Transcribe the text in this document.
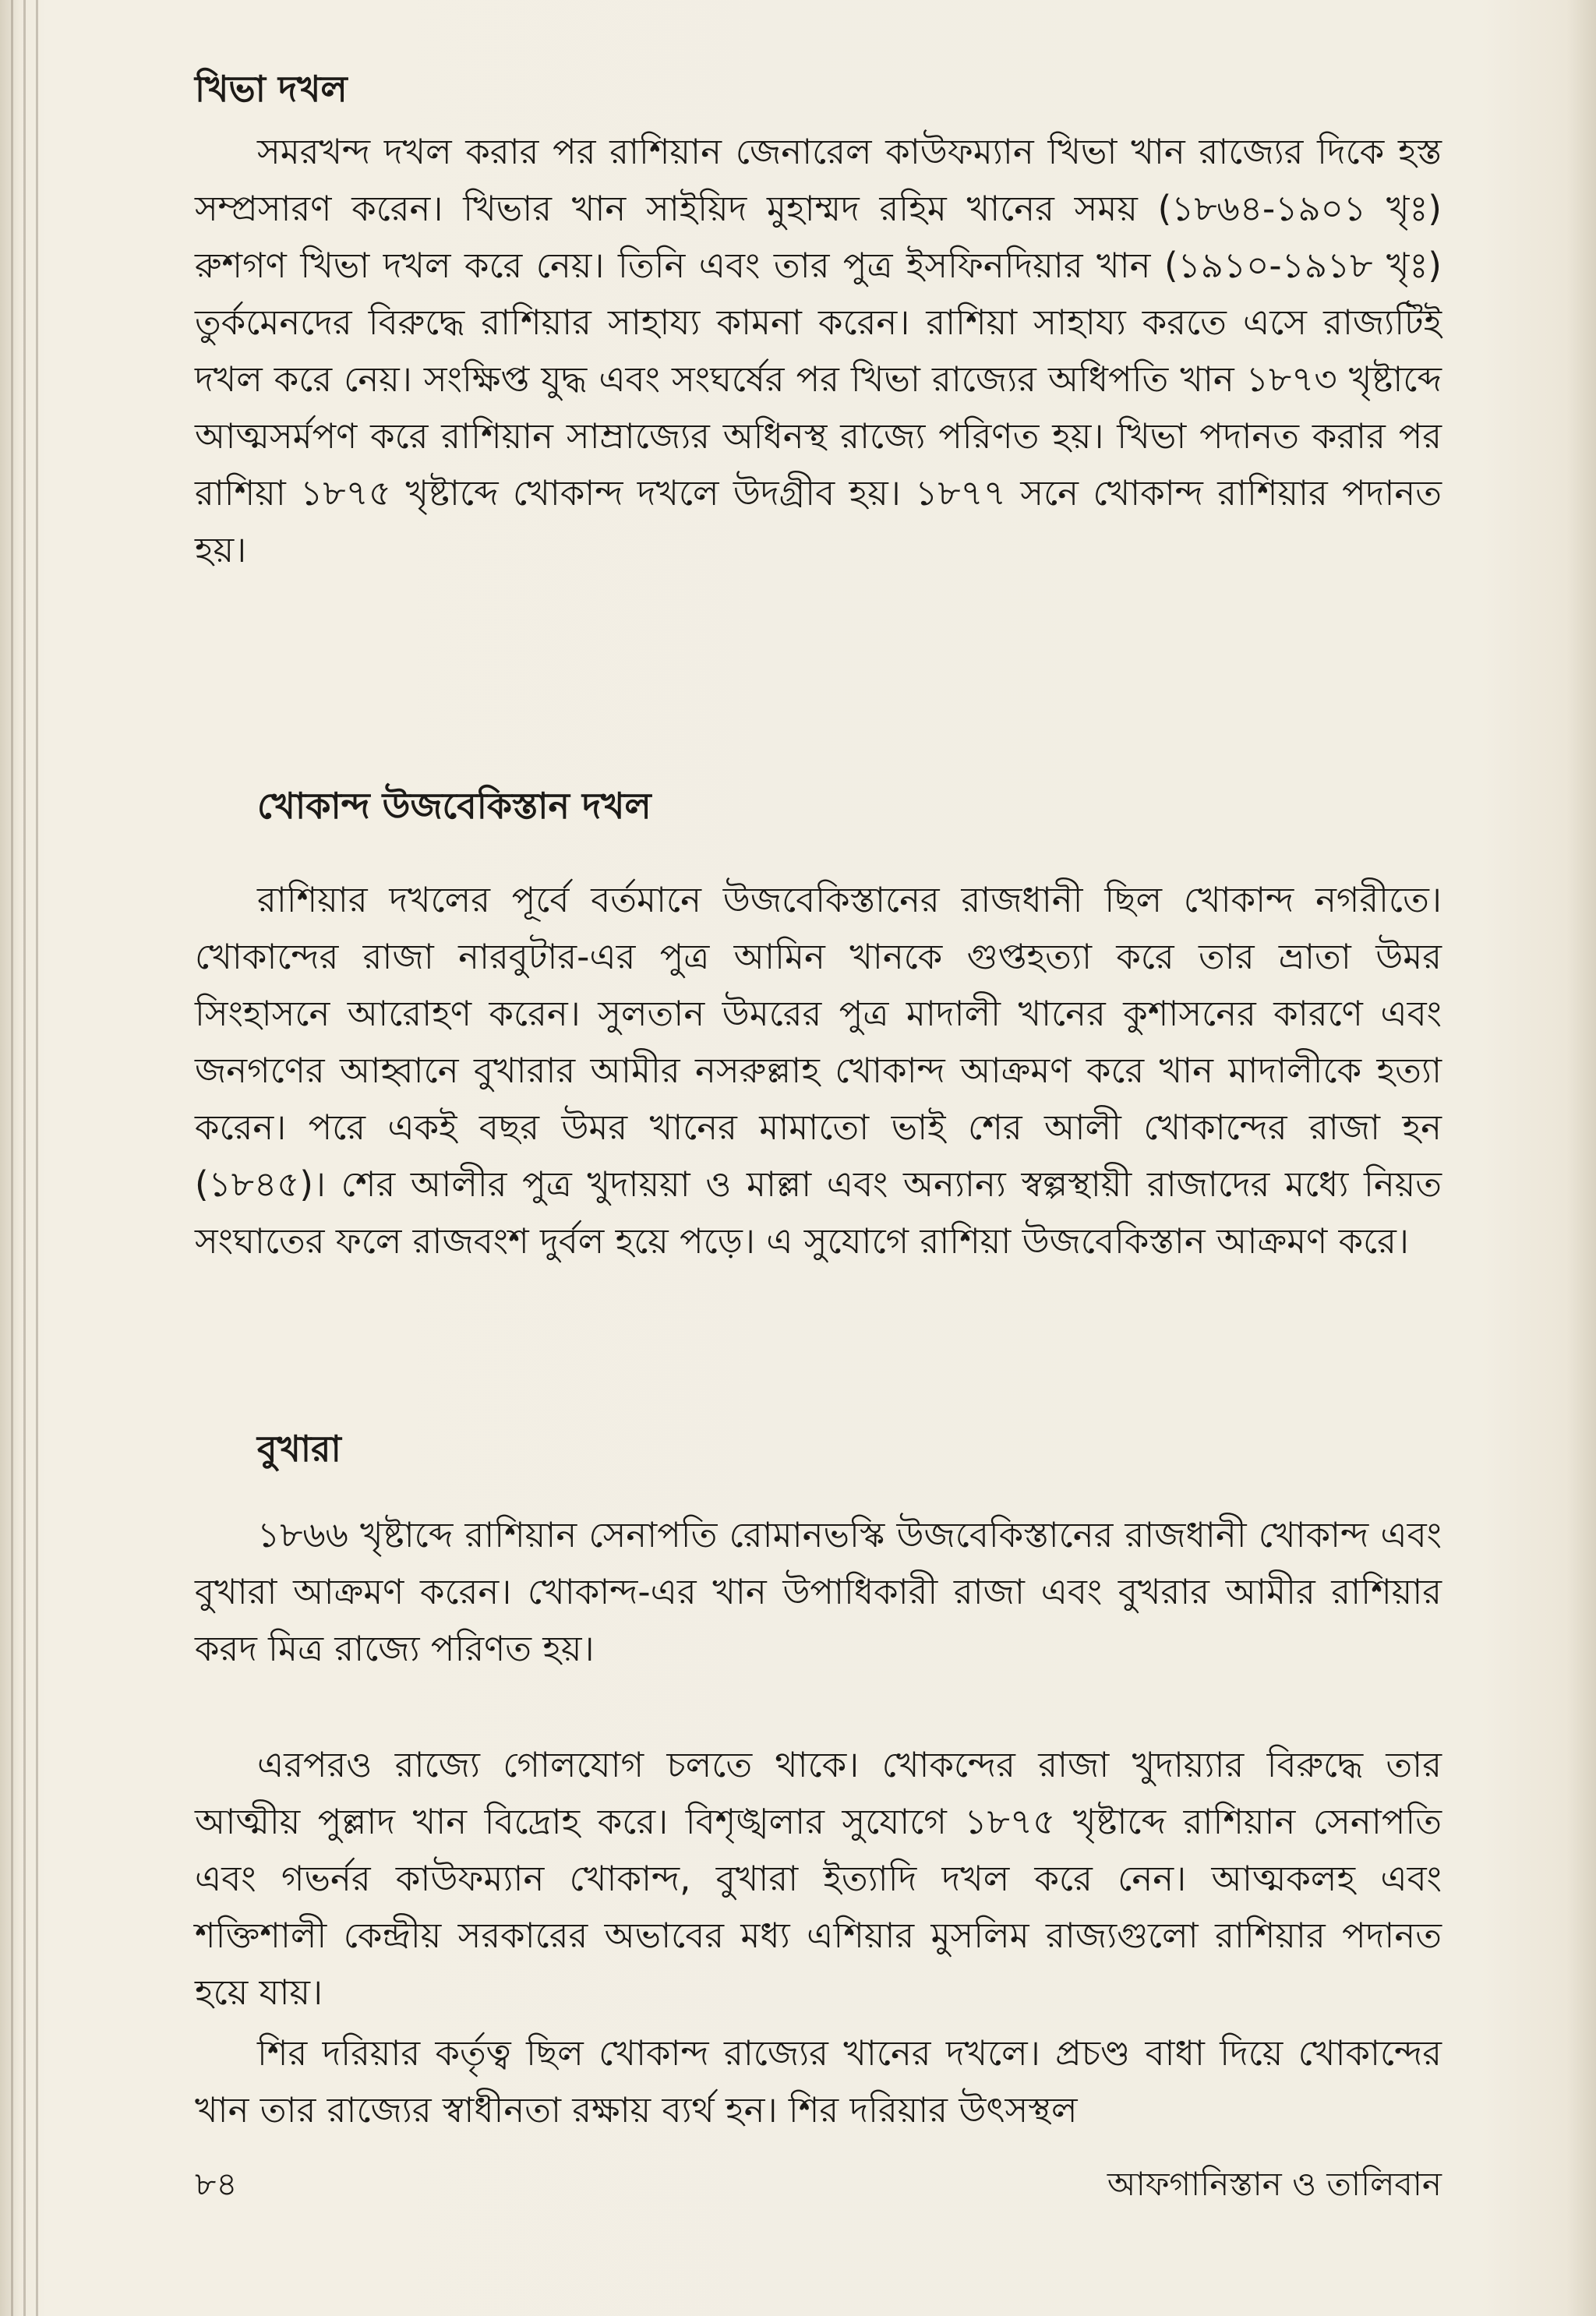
খিভা দখল

সমরখন্দ দখল করার পর রাশিয়ান জেনারেল কাউফম্যান খিভা খান রাজ্যের দিকে হস্ত সম্প্রসারণ করেন। খিভার খান সাইয়িদ মুহাম্মদ রহিম খানের সময় (১৮৬৪-১৯০১ খৃঃ) রুশগণ খিভা দখল করে নেয়। তিনি এবং তার পুত্র ইসফিনদিয়ার খান (১৯১০-১৯১৮ খৃঃ) তুর্কমেনদের বিরুদ্ধে রাশিয়ার সাহায্য কামনা করেন। রাশিয়া সাহায্য করতে এসে রাজ্যটিই দখল করে নেয়। সংক্ষিপ্ত যুদ্ধ এবং সংঘর্ষের পর খিভা রাজ্যের অধিপতি খান ১৮৭৩ খৃষ্টাব্দে আত্মসর্মপণ করে রাশিয়ান সাম্রাজ্যের অধিনস্থ রাজ্যে পরিণত হয়। খিভা পদানত করার পর রাশিয়া ১৮৭৫ খৃষ্টাব্দে খোকান্দ দখলে উদগ্রীব হয়। ১৮৭৭ সনে খোকান্দ রাশিয়ার পদানত হয়।

খোকান্দ উজবেকিস্তান দখল

রাশিয়ার দখলের পূর্বে বর্তমানে উজবেকিস্তানের রাজধানী ছিল খোকান্দ নগরীতে। খোকান্দের রাজা নারবুটার-এর পুত্র আমিন খানকে গুপ্তহত্যা করে তার ভ্রাতা উমর সিংহাসনে আরোহণ করেন। সুলতান উমরের পুত্র মাদালী খানের কুশাসনের কারণে এবং জনগণের আহ্বানে বুখারার আমীর নসরুল্লাহ খোকান্দ আক্রমণ করে খান মাদালীকে হত্যা করেন। পরে একই বছর উমর খানের মামাতো ভাই শের আলী খোকান্দের রাজা হন (১৮৪৫)। শের আলীর পুত্র খুদায়য়া ও মাল্লা এবং অন্যান্য স্বল্পস্থায়ী রাজাদের মধ্যে নিয়ত সংঘাতের ফলে রাজবংশ দুর্বল হয়ে পড়ে। এ সুযোগে রাশিয়া উজবেকিস্তান আক্রমণ করে।

বুখারা

১৮৬৬ খৃষ্টাব্দে রাশিয়ান সেনাপতি রোমানভস্কি উজবেকিস্তানের রাজধানী খোকান্দ এবং বুখারা আক্রমণ করেন। খোকান্দ-এর খান উপাধিকারী রাজা এবং বুখরার আমীর রাশিয়ার করদ মিত্র রাজ্যে পরিণত হয়।

এরপরও রাজ্যে গোলযোগ চলতে থাকে। খোকন্দের রাজা খুদায়্যার বিরুদ্ধে তার আত্মীয় পুল্লাদ খান বিদ্রোহ করে। বিশৃঙ্খলার সুযোগে ১৮৭৫ খৃষ্টাব্দে রাশিয়ান সেনাপতি এবং গভর্নর কাউফম্যান খোকান্দ, বুখারা ইত্যাদি দখল করে নেন। আত্মকলহ এবং শক্তিশালী কেন্দ্রীয় সরকারের অভাবের মধ্য এশিয়ার মুসলিম রাজ্যগুলো রাশিয়ার পদানত হয়ে যায়।

শির দরিয়ার কর্তৃত্ব ছিল খোকান্দ রাজ্যের খানের দখলে। প্রচণ্ড বাধা দিয়ে খোকান্দের খান তার রাজ্যের স্বাধীনতা রক্ষায় ব্যর্থ হন। শির দরিয়ার উৎসস্থল

৮৪	আফগানিস্তান ও তালিবান
